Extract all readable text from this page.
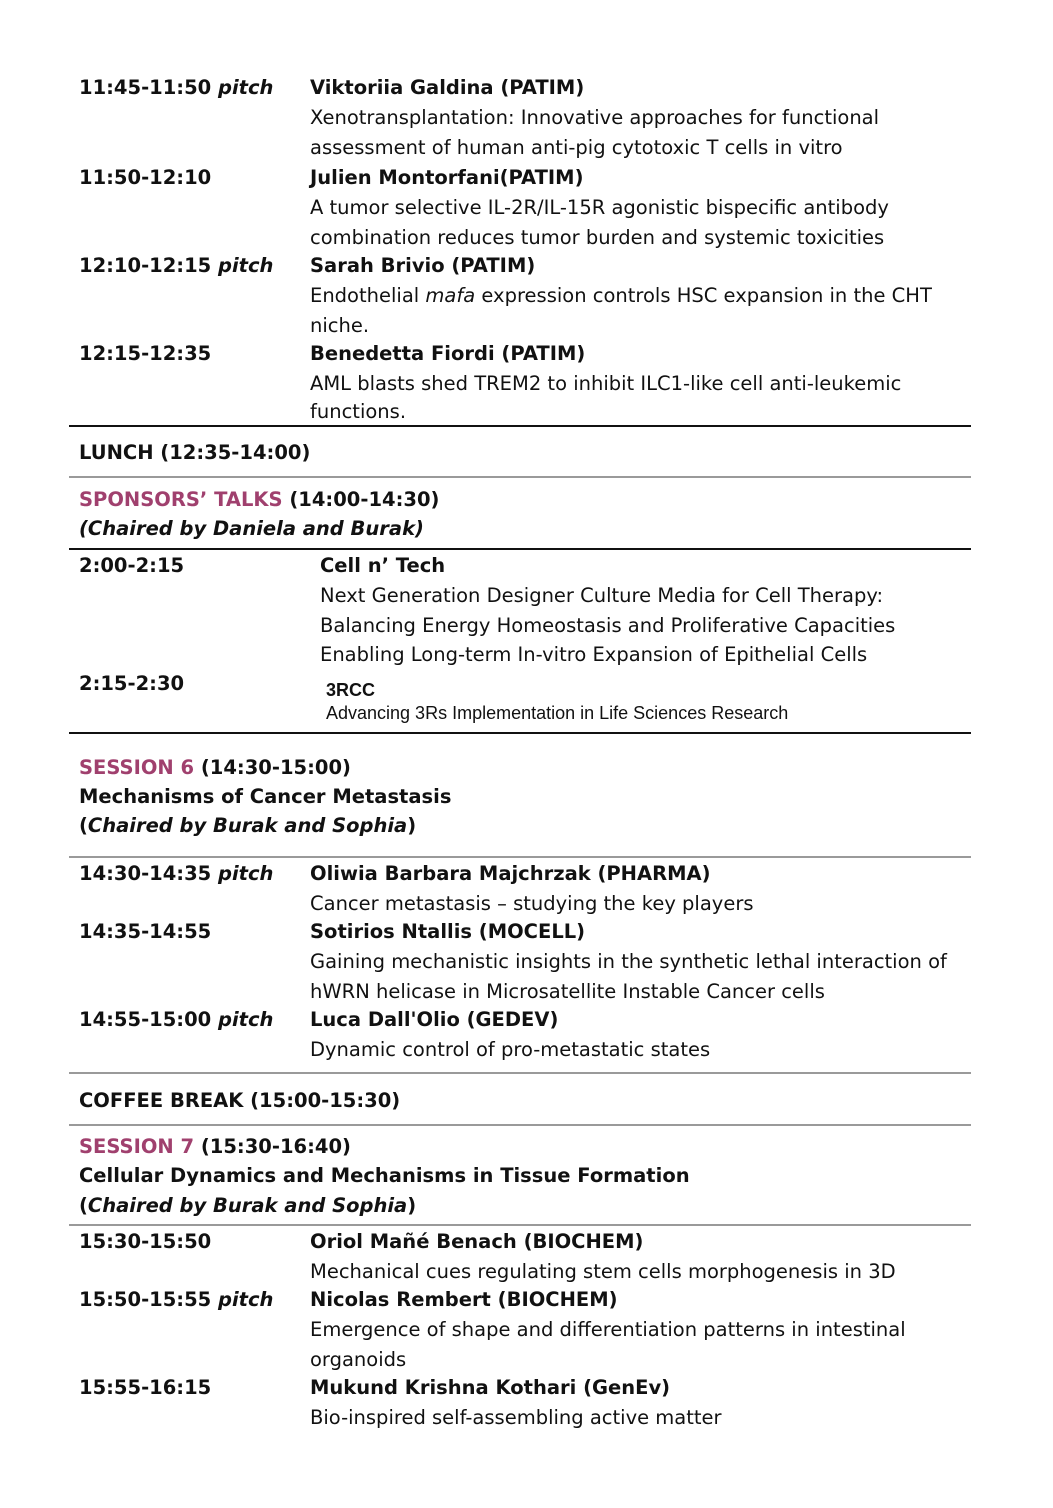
11:45-11:50 pitch Viktoriia Galdina (PATIM)
Xenotransplantation: Innovative approaches for functional
assessment of human anti-pig cytotoxic T cells in vitro
11:50-12:10	Julien Montorfani(PATIM)
A tumor selective IL-2R/IL-15R agonistic bispecific antibody
combination reduces tumor burden and systemic toxicities
12:10-12:15 pitch Sarah Brivio (PATIM)
Endothelial mafa expression controls HSC expansion in the CHT
niche.
12:15-12:35	Benedetta Fiordi (PATIM)
AML blasts shed TREM2 to inhibit ILC1-like cell anti-leukemic
functions.
LUNCH (12:35-14:00)
SPONSORS’ TALKS (14:00-14:30)
(Chaired by Daniela and Burak)
2:00-2:15	Cell n’ Tech
Next Generation Designer Culture Media for Cell Therapy:
Balancing Energy Homeostasis and Proliferative Capacities
Enabling Long-term In-vitro Expansion of Epithelial Cells
2:15-2:30	3RCC
Advancing 3Rs Implementation in Life Sciences Research
SESSION 6 (14:30-15:00)
Mechanisms of Cancer Metastasis
(Chaired by Burak and Sophia)
14:30-14:35 pitch Oliwia Barbara Majchrzak (PHARMA)
Cancer metastasis – studying the key players
14:35-14:55	Sotirios Ntallis (MOCELL)
Gaining mechanistic insights in the synthetic lethal interaction of
hWRN helicase in Microsatellite Instable Cancer cells
14:55-15:00 pitch Luca Dall'Olio (GEDEV)
Dynamic control of pro-metastatic states
COFFEE BREAK (15:00-15:30)
SESSION 7 (15:30-16:40)
Cellular Dynamics and Mechanisms in Tissue Formation
(Chaired by Burak and Sophia)
15:30-15:50	Oriol Mañé Benach (BIOCHEM)
Mechanical cues regulating stem cells morphogenesis in 3D
15:50-15:55 pitch Nicolas Rembert (BIOCHEM)
Emergence of shape and differentiation patterns in intestinal
organoids
15:55-16:15	Mukund Krishna Kothari (GenEv)
Bio-inspired self-assembling active matter
